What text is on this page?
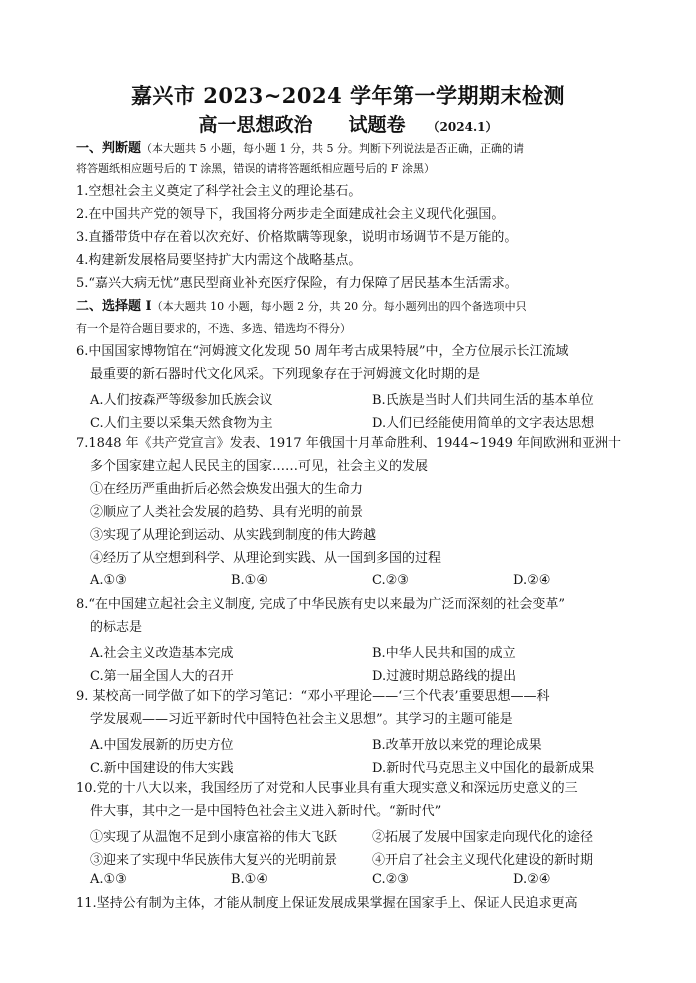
嘉兴市 2023~2024 学年第一学期期末检测
高一思想政治 试题卷 （2024.1）
一、判断题（本大题共 5 小题，每小题 1 分，共 5 分。判断下列说法是否正确，正确的请
将答题纸相应题号后的 T 涂黑，错误的请将答题纸相应题号后的 F 涂黑）
1.空想社会主义奠定了科学社会主义的理论基石。
2.在中国共产党的领导下，我国将分两步走全面建成社会主义现代化强国。
3.直播带货中存在着以次充好、价格欺瞒等现象，说明市场调节不是万能的。
4.构建新发展格局要坚持扩大内需这个战略基点。
5.“嘉兴大病无忧”惠民型商业补充医疗保险，有力保障了居民基本生活需求。
二、选择题 I（本大题共 10 小题，每小题 2 分，共 20 分。每小题列出的四个备选项中只
有一个是符合题目要求的，不选、多选、错选均不得分）
6.中国国家博物馆在“河姆渡文化发现 50 周年考古成果特展”中，全方位展示长江流域
最重要的新石器时代文化风采。下列现象存在于河姆渡文化时期的是
A.人们按森严等级参加氏族会议	B.氏族是当时人们共同生活的基本单位
C.人们主要以采集天然食物为主	D.人们已经能使用简单的文字表达思想
7.1848 年《共产党宣言》发表、1917 年俄国十月革命胜利、1944~1949 年间欧洲和亚洲十
多个国家建立起人民民主的国家……可见，社会主义的发展
①在经历严重曲折后必然会焕发出强大的生命力
②顺应了人类社会发展的趋势、具有光明的前景
③实现了从理论到运动、从实践到制度的伟大跨越
④经历了从空想到科学、从理论到实践、从一国到多国的过程
A.①③	B.①④	C.②③	D.②④
8.“在中国建立起社会主义制度, 完成了中华民族有史以来最为广泛而深刻的社会变革”
的标志是
A.社会主义改造基本完成	B.中华人民共和国的成立
C.第一届全国人大的召开	D.过渡时期总路线的提出
9. 某校高一同学做了如下的学习笔记：“邓小平理论——‘三个代表’重要思想——科
学发展观——习近平新时代中国特色社会主义思想”。其学习的主题可能是
A.中国发展新的历史方位	B.改革开放以来党的理论成果
C.新中国建设的伟大实践	D.新时代马克思主义中国化的最新成果
10.党的十八大以来，我国经历了对党和人民事业具有重大现实意义和深远历史意义的三
件大事，其中之一是中国特色社会主义进入新时代。“新时代”
①实现了从温饱不足到小康富裕的伟大飞跃	②拓展了发展中国家走向现代化的途径
③迎来了实现中华民族伟大复兴的光明前景	④开启了社会主义现代化建设的新时期
A.①③	B.①④	C.②③	D.②④
11.坚持公有制为主体，才能从制度上保证发展成果掌握在国家手上、保证人民追求更高
